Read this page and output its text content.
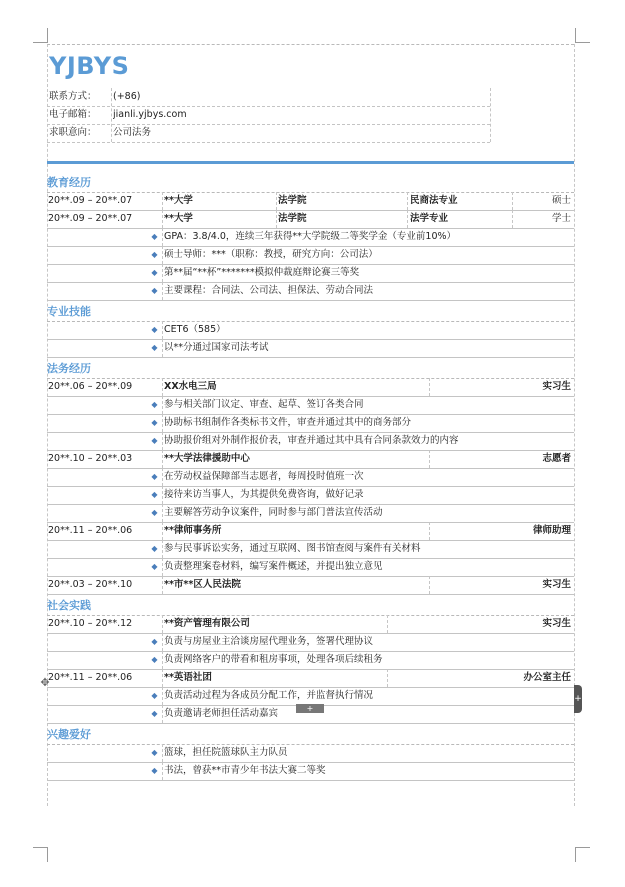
YJBYS
联系方式：	(+86)
电子邮箱：	jianli.yjbys.com
求职意向：	公司法务
教育经历
20**.09 – 20**.07	**大学	法学院	民商法专业	硕士
20**.09 – 20**.07	**大学	法学院	法学专业	学士
◆ GPA：3.8/4.0，连续三年获得**大学院级二等奖学金（专业前10%）
◆ 硕士导师：***（职称：教授，研究方向：公司法）
◆ 第**届“**杯”*******模拟仲裁庭辩论赛三等奖
◆ 主要课程：合同法、公司法、担保法、劳动合同法
专业技能
◆ CET6（585）
◆ 以**分通过国家司法考试
法务经历
20**.06 – 20**.09	XX水电三局	实习生
◆ 参与相关部门议定、审查、起草、签订各类合同
◆ 协助标书组制作各类标书文件，审查并通过其中的商务部分
◆ 协助报价组对外制作报价表，审查并通过其中具有合同条款效力的内容
20**.10 – 20**.03	**大学法律援助中心	志愿者
◆ 在劳动权益保障部当志愿者，每周投时值班一次
◆ 接待来访当事人，为其提供免费咨询，做好记录
◆ 主要解答劳动争议案件，同时参与部门普法宣传活动
20**.11 – 20**.06	**律师事务所	律师助理
◆ 参与民事诉讼实务，通过互联网、图书馆查阅与案件有关材料
◆ 负责整理案卷材料，编写案件概述，并提出独立意见
20**.03 – 20**.10	**市**区人民法院	实习生
社会实践
20**.10 – 20**.12	**资产管理有限公司	实习生
◆ 负责与房屋业主洽谈房屋代理业务，签署代理协议
◆ 负责网络客户的带看和租房事项，处理各项后续租务
20**.11 – 20**.06	**英语社团	办公室主任
◆ 负责活动过程为各成员分配工作，并监督执行情况
◆ 负责邀请老师担任活动嘉宾
兴趣爱好
◆ 篮球，担任院篮球队主力队员
◆ 书法，曾获**市青少年书法大赛二等奖
✥
+
+
